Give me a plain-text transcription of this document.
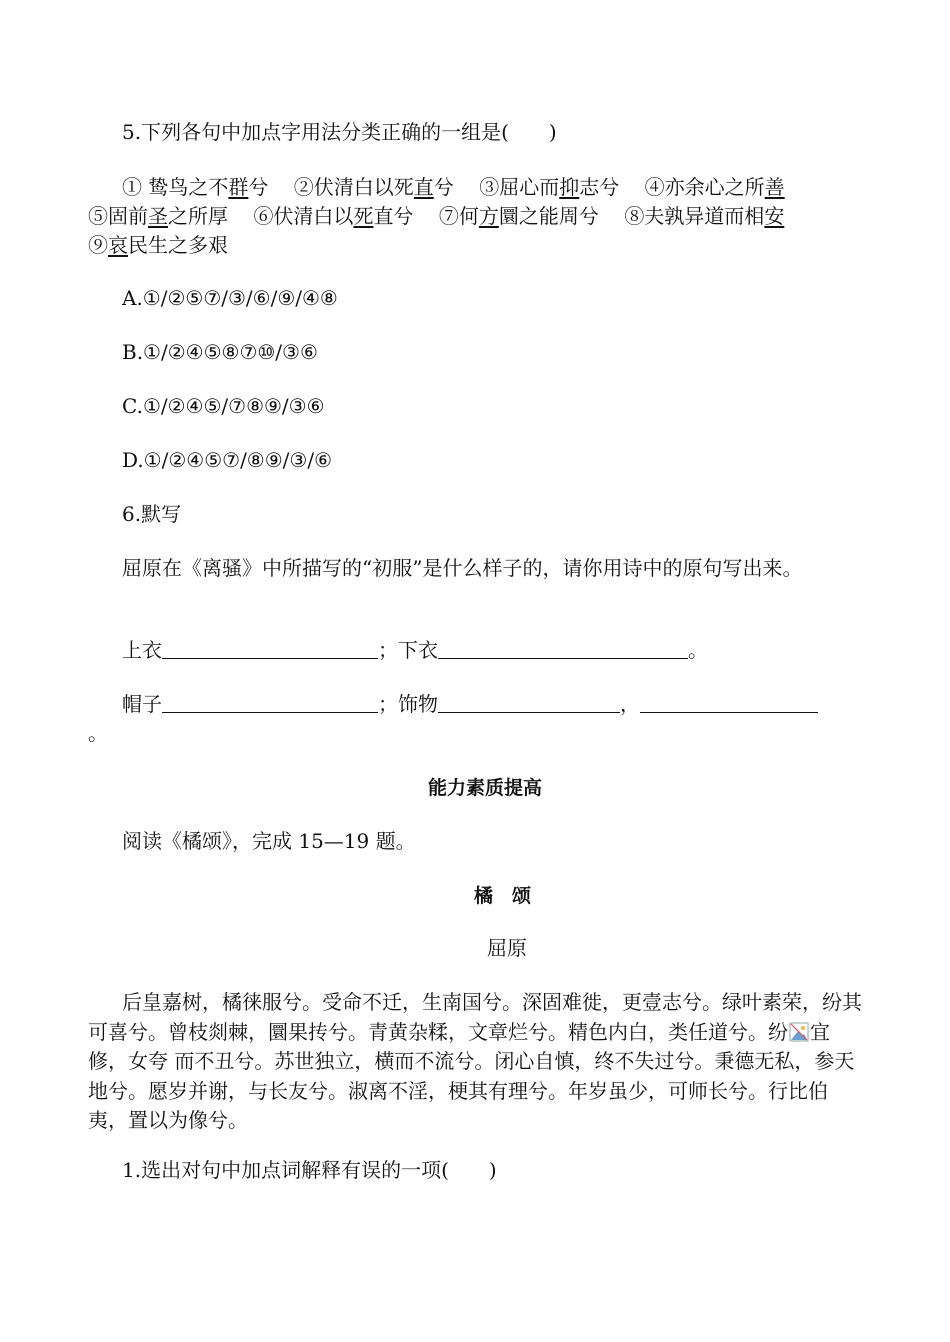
5.下列各句中加点字用法分类正确的一组是(　　)
① 鸷鸟之不群兮 ②伏清白以死直兮 ③屈心而抑志兮 ④亦余心之所善
⑤固前圣之所厚 ⑥伏清白以死直兮 ⑦何方圜之能周兮 ⑧夫孰异道而相安
⑨哀民生之多艰
A.①/②⑤⑦/③/⑥/⑨/④⑧
B.①/②④⑤⑧⑦⑩/③⑥
C.①/②④⑤/⑦⑧⑨/③⑥
D.①/②④⑤⑦/⑧⑨/③/⑥
6.默写
屈原在《离骚》中所描写的“初服”是什么样子的，请你用诗中的原句写出来。
上衣	；下衣	。
帽子	；饰物	，
。
能力素质提高
阅读《橘颂》，完成 15—19 题。
橘　颂
屈原
后皇嘉树，橘徕服兮。受命不迁，生南国兮。深固难徙，更壹志兮。绿叶素荣，纷其可喜兮。曾枝剡棘，圜果抟兮。青黄杂糅，文章烂兮。精色内白，类任道兮。纷 宜修，女夸 而不丑兮。苏世独立，横而不流兮。闭心自慎，终不失过兮。秉德无私，参天地兮。愿岁并谢，与长友兮。淑离不淫，梗其有理兮。年岁虽少，可师长兮。行比伯夷，置以为像兮。
1.选出对句中加点词解释有误的一项(　　)
